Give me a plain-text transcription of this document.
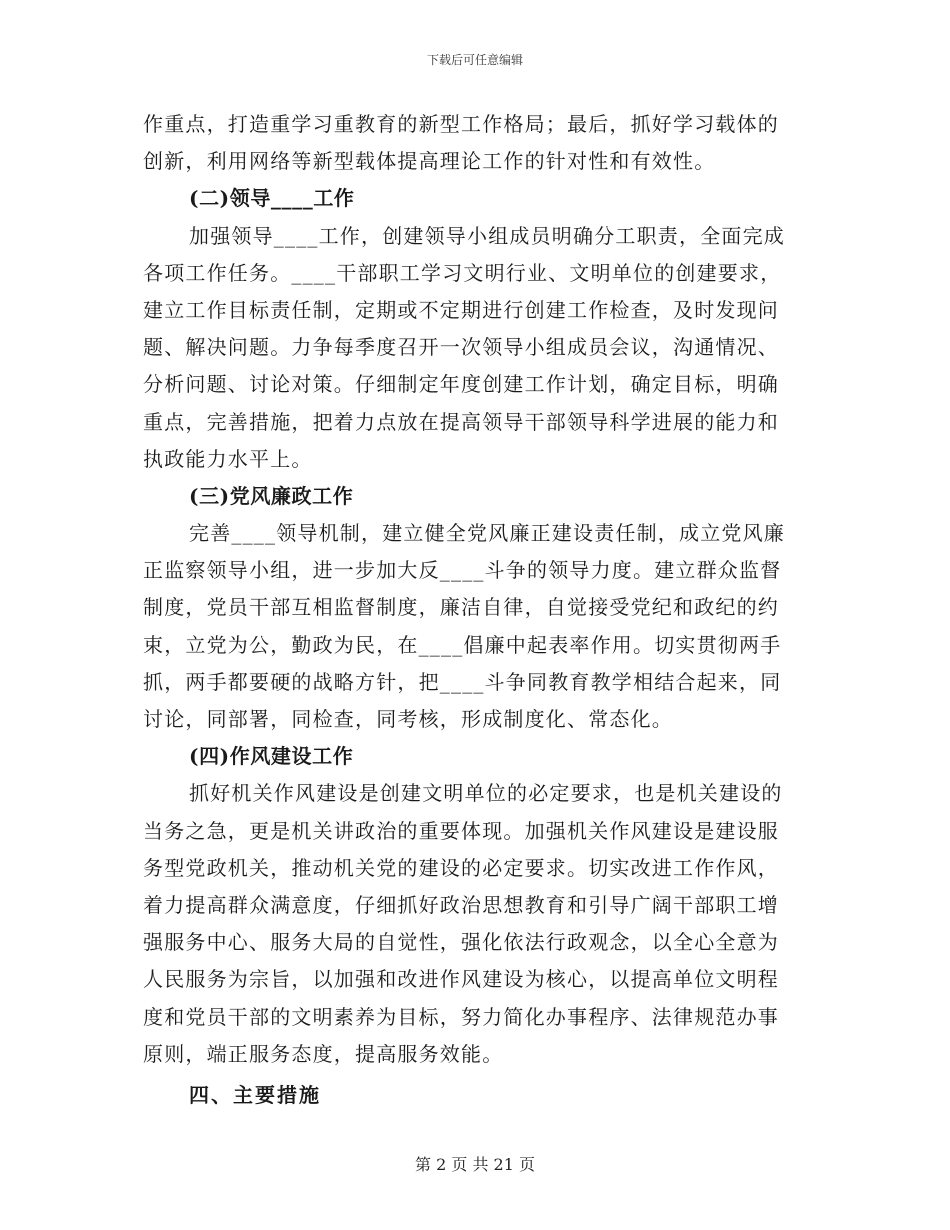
下载后可任意编辑
作重点，打造重学习重教育的新型工作格局；最后，抓好学习载体的
创新，利用网络等新型载体提高理论工作的针对性和有效性。
(二)领导____工作
加强领导____工作，创建领导小组成员明确分工职责，全面完成
各项工作任务。____干部职工学习文明行业、文明单位的创建要求，
建立工作目标责任制，定期或不定期进行创建工作检查，及时发现问
题、解决问题。力争每季度召开一次领导小组成员会议，沟通情况、
分析问题、讨论对策。仔细制定年度创建工作计划，确定目标，明确
重点，完善措施，把着力点放在提高领导干部领导科学进展的能力和
执政能力水平上。
(三)党风廉政工作
完善____领导机制，建立健全党风廉正建设责任制，成立党风廉
正监察领导小组，进一步加大反____斗争的领导力度。建立群众监督
制度，党员干部互相监督制度，廉洁自律，自觉接受党纪和政纪的约
束，立党为公，勤政为民，在____倡廉中起表率作用。切实贯彻两手
抓，两手都要硬的战略方针，把____斗争同教育教学相结合起来，同
讨论，同部署，同检查，同考核，形成制度化、常态化。
(四)作风建设工作
抓好机关作风建设是创建文明单位的必定要求，也是机关建设的
当务之急，更是机关讲政治的重要体现。加强机关作风建设是建设服
务型党政机关，推动机关党的建设的必定要求。切实改进工作作风，
着力提高群众满意度，仔细抓好政治思想教育和引导广阔干部职工增
强服务中心、服务大局的自觉性，强化依法行政观念，以全心全意为
人民服务为宗旨，以加强和改进作风建设为核心，以提高单位文明程
度和党员干部的文明素养为目标，努力简化办事程序、法律规范办事
原则，端正服务态度，提高服务效能。
四、主要措施
第 2 页 共 21 页
